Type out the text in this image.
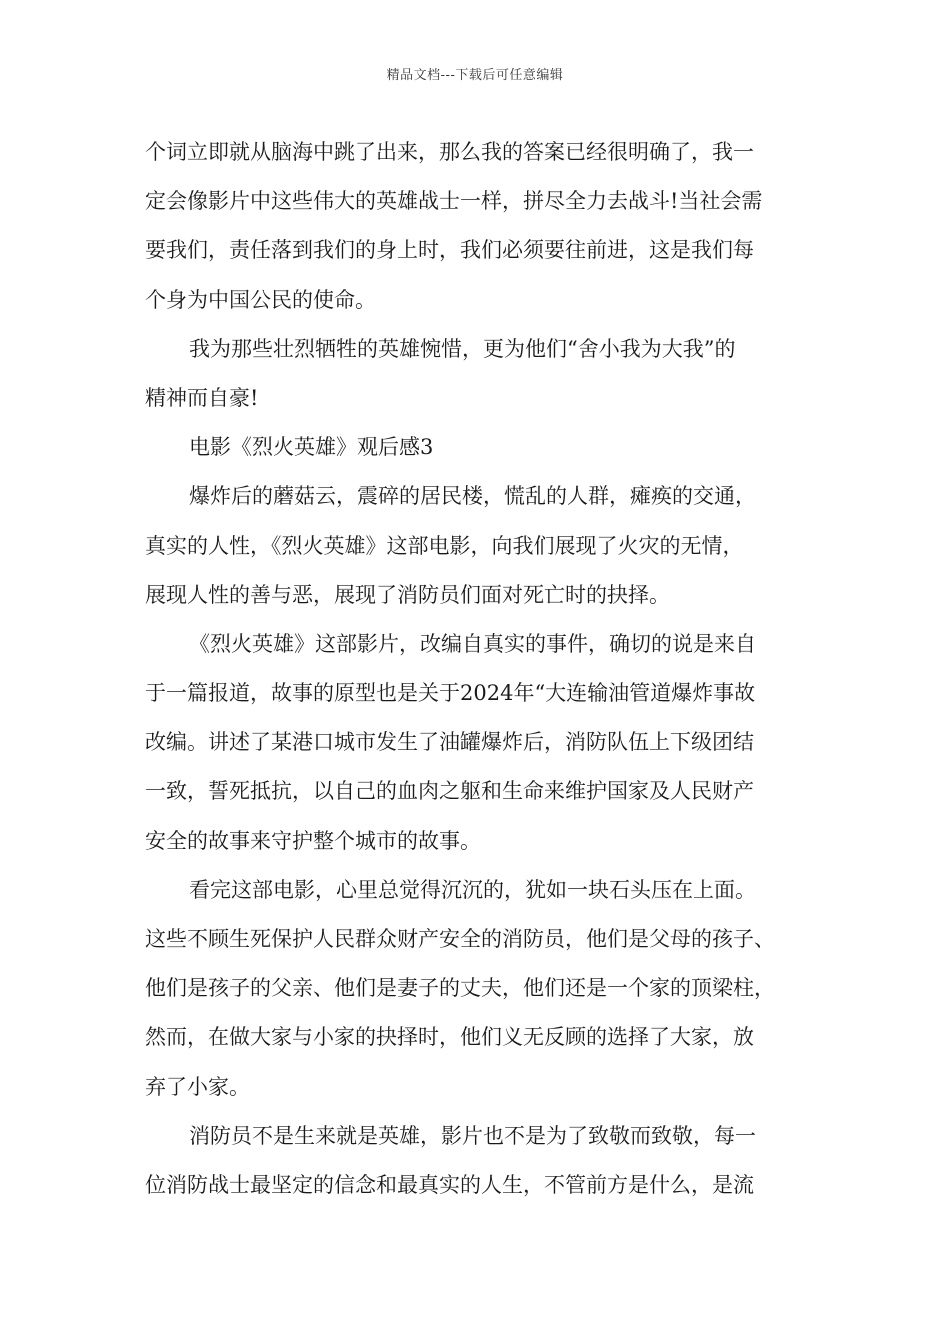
精品文档---下载后可任意编辑
个词立即就从脑海中跳了出来，那么我的答案已经很明确了，我一
定会像影片中这些伟大的英雄战士一样，拼尽全力去战斗!当社会需
要我们，责任落到我们的身上时，我们必须要往前进，这是我们每
个身为中国公民的使命。
我为那些壮烈牺牲的英雄惋惜，更为他们“舍小我为大我”的
精神而自豪!
电影《烈火英雄》观后感3
爆炸后的蘑菇云，震碎的居民楼，慌乱的人群，瘫痪的交通，
真实的人性，《烈火英雄》这部电影，向我们展现了火灾的无情，
展现人性的善与恶，展现了消防员们面对死亡时的抉择。
《烈火英雄》这部影片，改编自真实的事件，确切的说是来自
于一篇报道，故事的原型也是关于2024年“大连输油管道爆炸事故
改编。讲述了某港口城市发生了油罐爆炸后，消防队伍上下级团结
一致，誓死抵抗，以自己的血肉之躯和生命来维护国家及人民财产
安全的故事来守护整个城市的故事。
看完这部电影，心里总觉得沉沉的，犹如一块石头压在上面。
这些不顾生死保护人民群众财产安全的消防员，他们是父母的孩子、
他们是孩子的父亲、他们是妻子的丈夫，他们还是一个家的顶梁柱，
然而，在做大家与小家的抉择时，他们义无反顾的选择了大家，放
弃了小家。
消防员不是生来就是英雄，影片也不是为了致敬而致敬，每一
位消防战士最坚定的信念和最真实的人生，不管前方是什么，是流
